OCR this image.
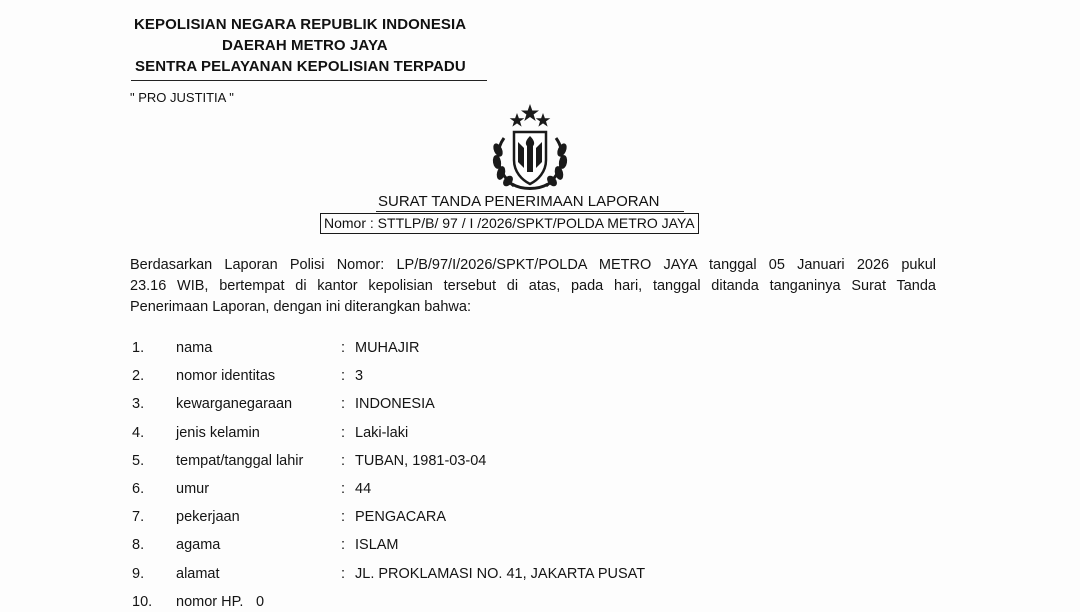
KEPOLISIAN NEGARA REPUBLIK INDONESIA
DAERAH METRO JAYA
SENTRA PELAYANAN KEPOLISIAN TERPADU
" PRO JUSTITIA "
SURAT TANDA PENERIMAAN LAPORAN
Nomor : STTLP/B/ 97 / I /2026/SPKT/POLDA METRO JAYA
Berdasarkan Laporan Polisi Nomor: LP/B/97/I/2026/SPKT/POLDA METRO JAYA tanggal 05 Januari 2026 pukul
23.16 WIB, bertempat di kantor kepolisian tersebut di atas, pada hari, tanggal ditanda tanganinya Surat Tanda
Penerimaan Laporan, dengan ini diterangkan bahwa:
1. nama	: MUHAJIR
2. nomor identitas	: 3
3. kewarganegaraan	: INDONESIA
4. jenis kelamin	: Laki-laki
5. tempat/tanggal lahir	: TUBAN, 1981-03-04
6. umur	: 44
7. pekerjaan	: PENGACARA
8. agama	: ISLAM
9. alamat	: JL. PROKLAMASI NO. 41, JAKARTA PUSAT
10. nomor HP. 0
